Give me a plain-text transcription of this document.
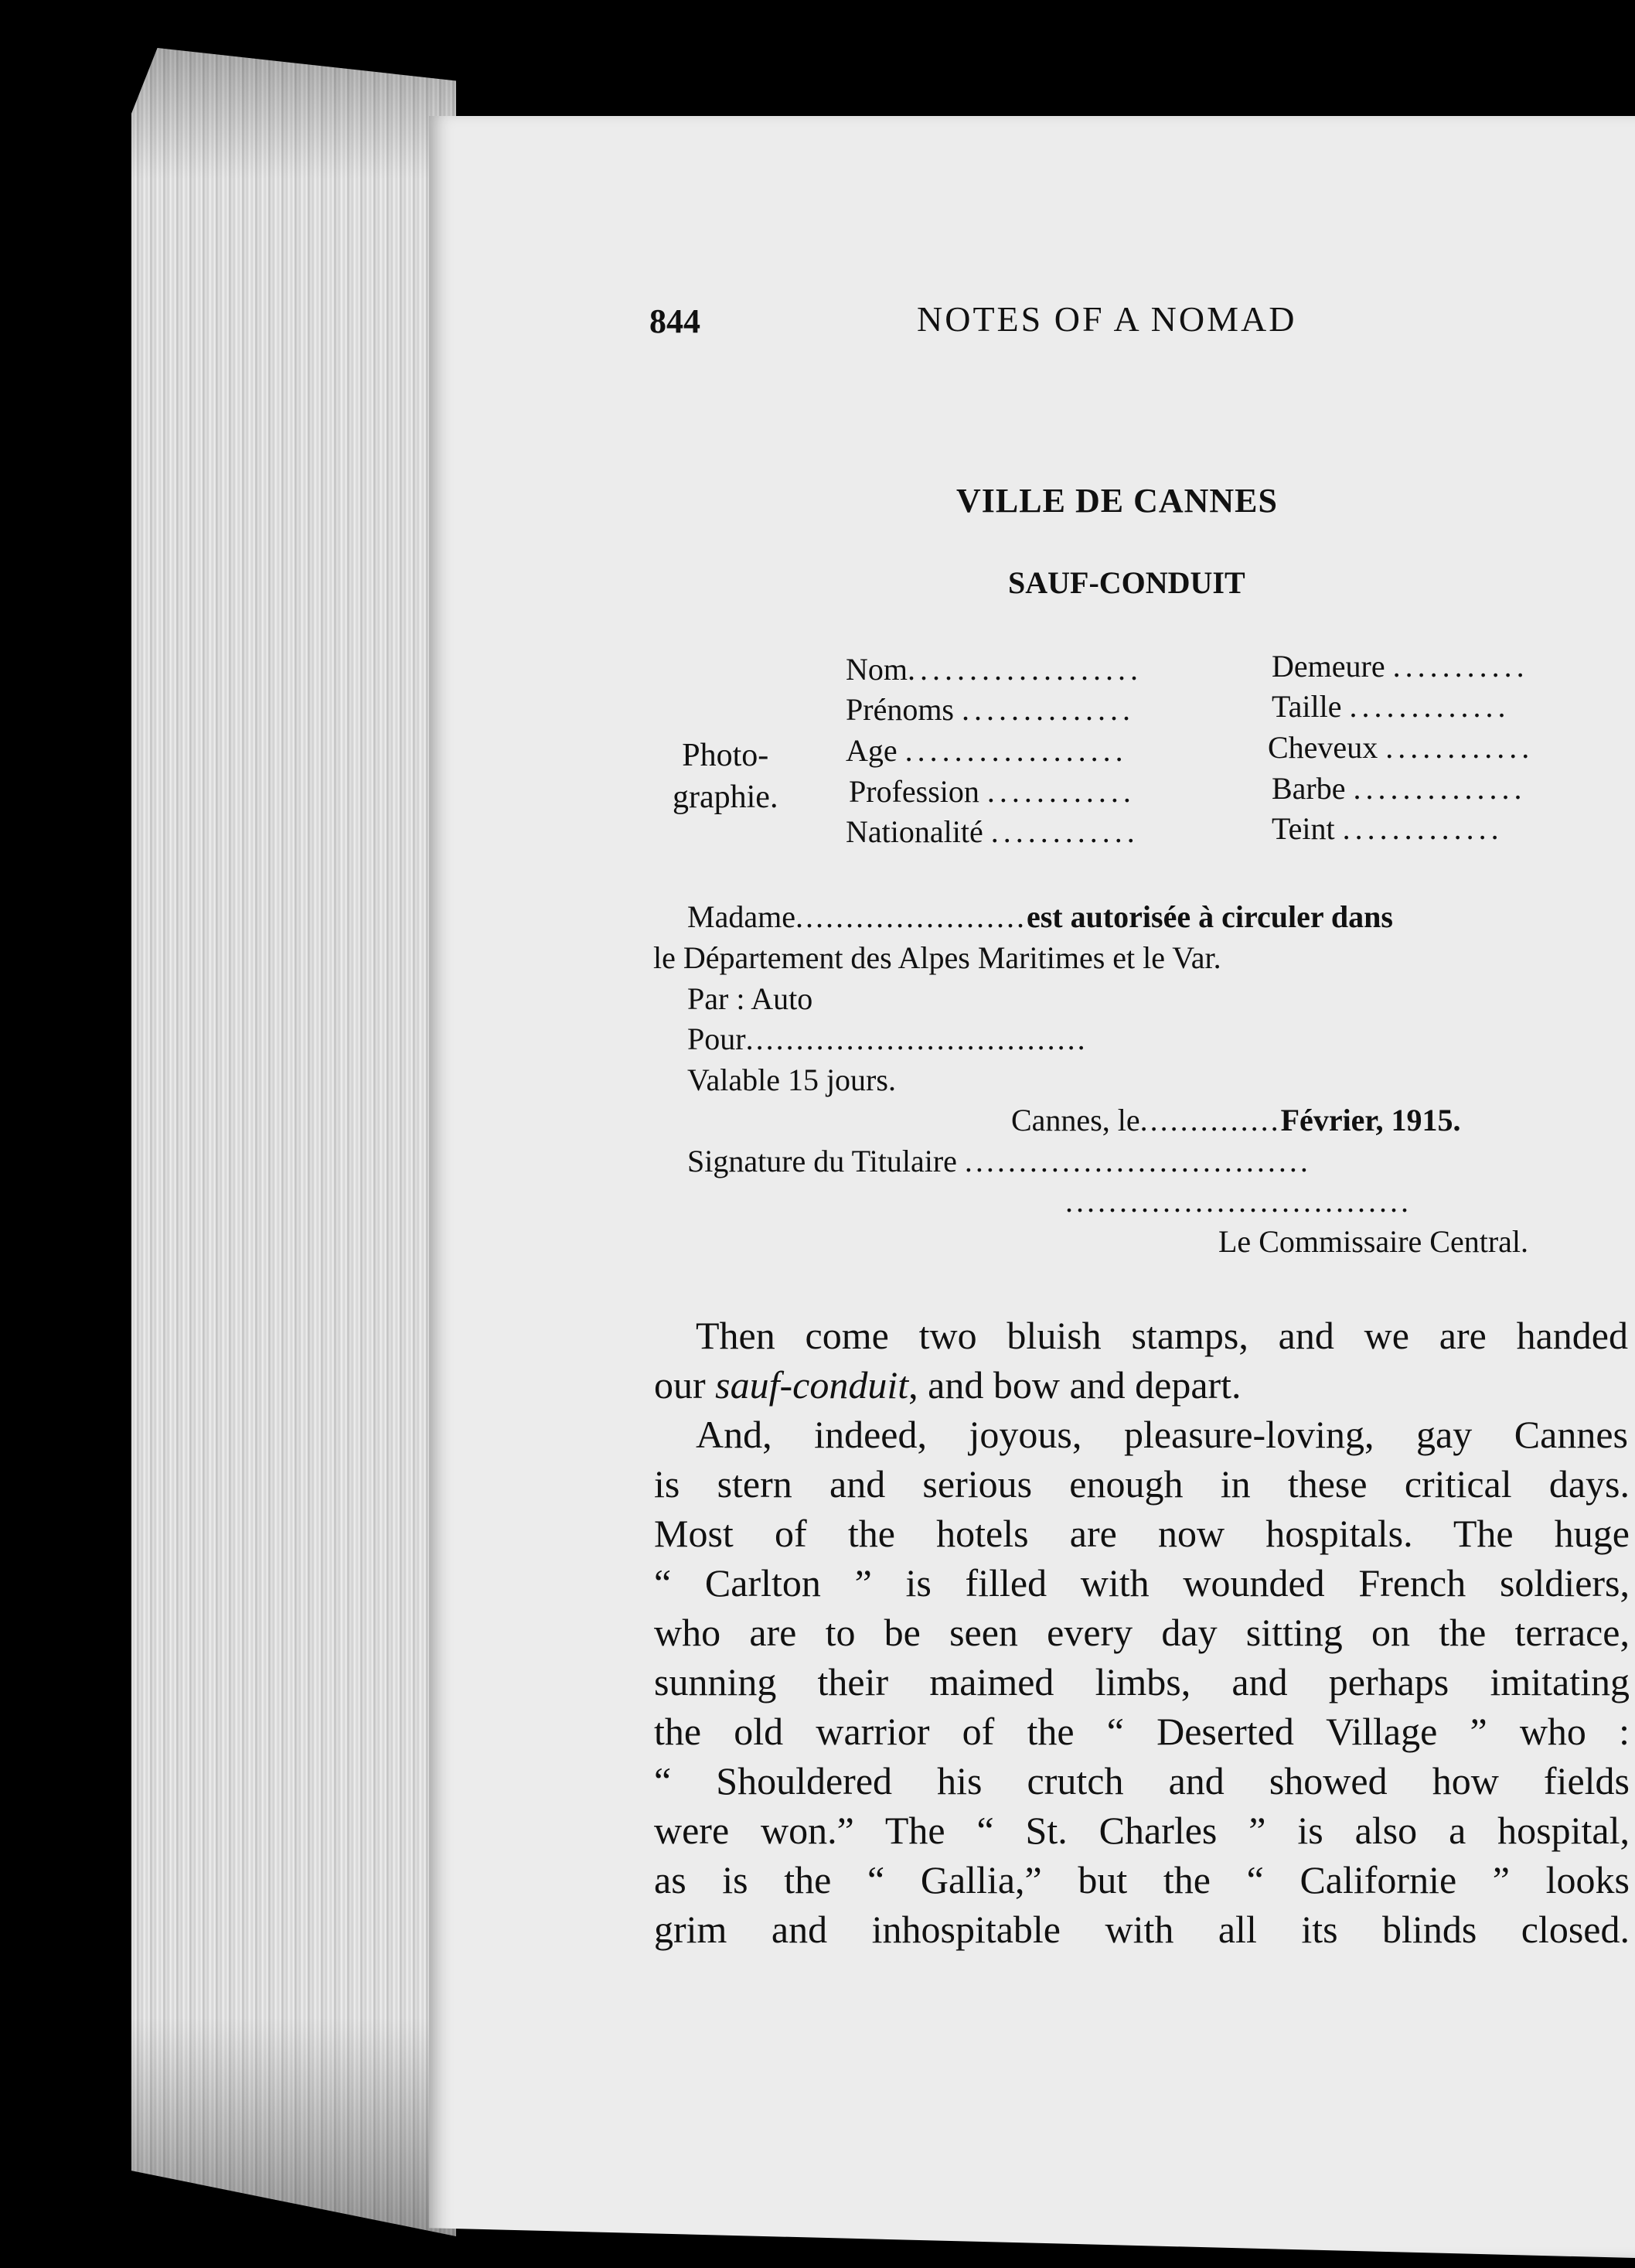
844	NOTES OF A NOMAD
VILLE DE CANNES
SAUF-CONDUIT
Photo-
graphie.
Nom...................
Prénoms ..............
Age ..................
Profession ............
Nationalité ............
Demeure ...........
Taille .............
Cheveux ............
Barbe ..............
Teint .............
Madame.......................est autorisée à circuler dans
le Département des Alpes Maritimes et le Var.
Par : Auto
Pour..................................
Valable 15 jours.
Cannes, le..............Février, 1915.
Signature du Titulaire ................................
................................
Le Commissaire Central.
Then come two bluish stamps, and we are handed
our sauf-conduit, and bow and depart.
And, indeed, joyous, pleasure-loving, gay Cannes
is stern and serious enough in these critical days.
Most of the hotels are now hospitals. The huge
“ Carlton ” is filled with wounded French soldiers,
who are to be seen every day sitting on the terrace,
sunning their maimed limbs, and perhaps imitating
the old warrior of the “ Deserted Village ” who :
“ Shouldered his crutch and showed how fields
were won.” The “ St. Charles ” is also a hospital,
as is the “ Gallia,” but the “ Californie ” looks
grim and inhospitable with all its blinds closed.
